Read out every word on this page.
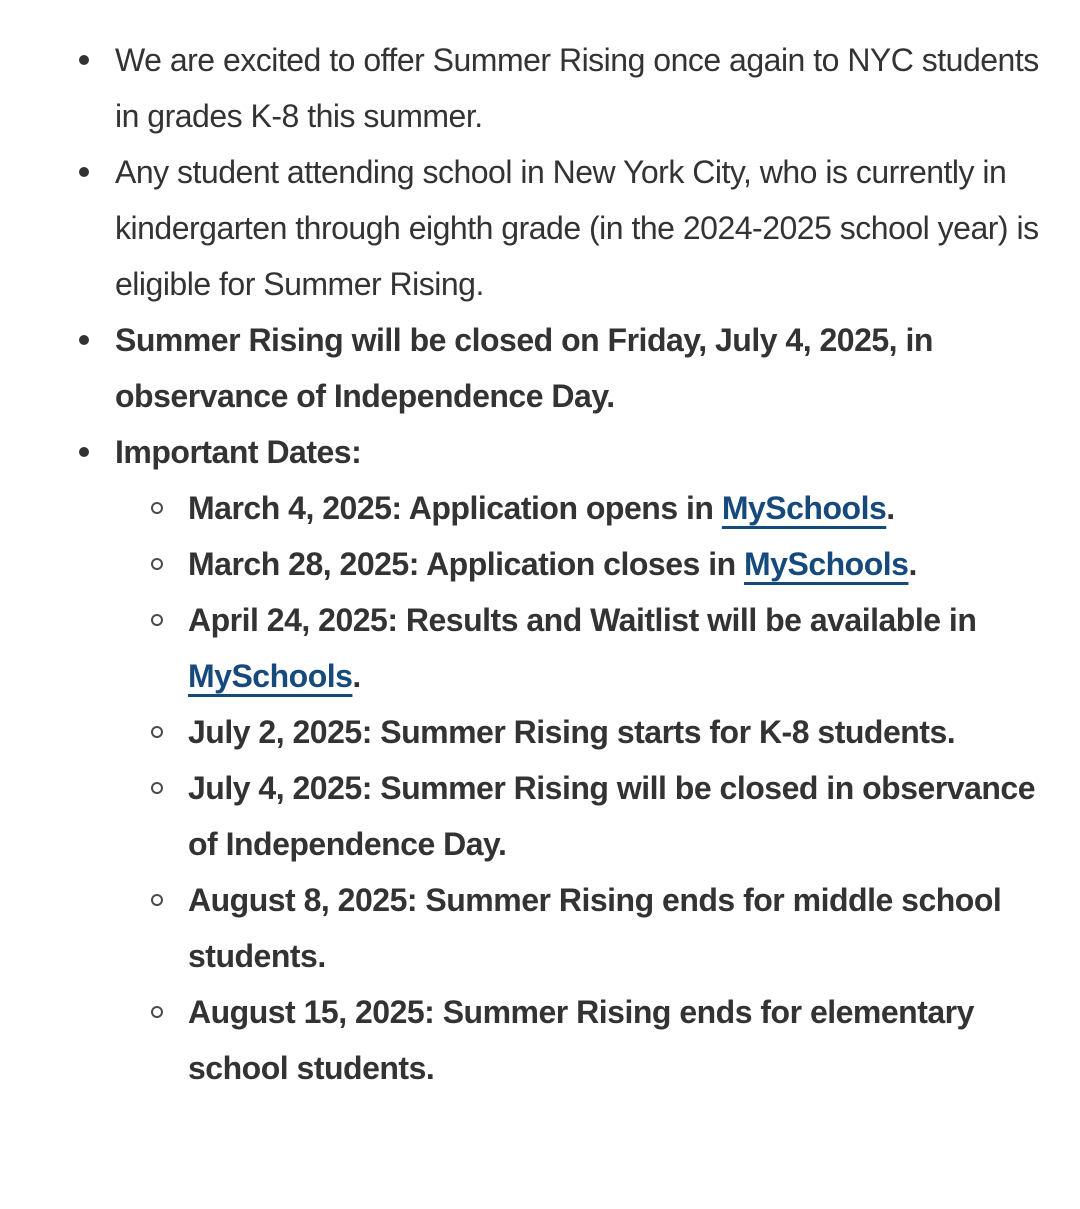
We are excited to offer Summer Rising once again to NYC students in grades K-8 this summer.
Any student attending school in New York City, who is currently in kindergarten through eighth grade (in the 2024-2025 school year) is eligible for Summer Rising.
Summer Rising will be closed on Friday, July 4, 2025, in observance of Independence Day.
Important Dates:
March 4, 2025: Application opens in MySchools.
March 28, 2025: Application closes in MySchools.
April 24, 2025: Results and Waitlist will be available in MySchools.
July 2, 2025: Summer Rising starts for K-8 students.
July 4, 2025: Summer Rising will be closed in observance of Independence Day.
August 8, 2025: Summer Rising ends for middle school students.
August 15, 2025: Summer Rising ends for elementary school students.
